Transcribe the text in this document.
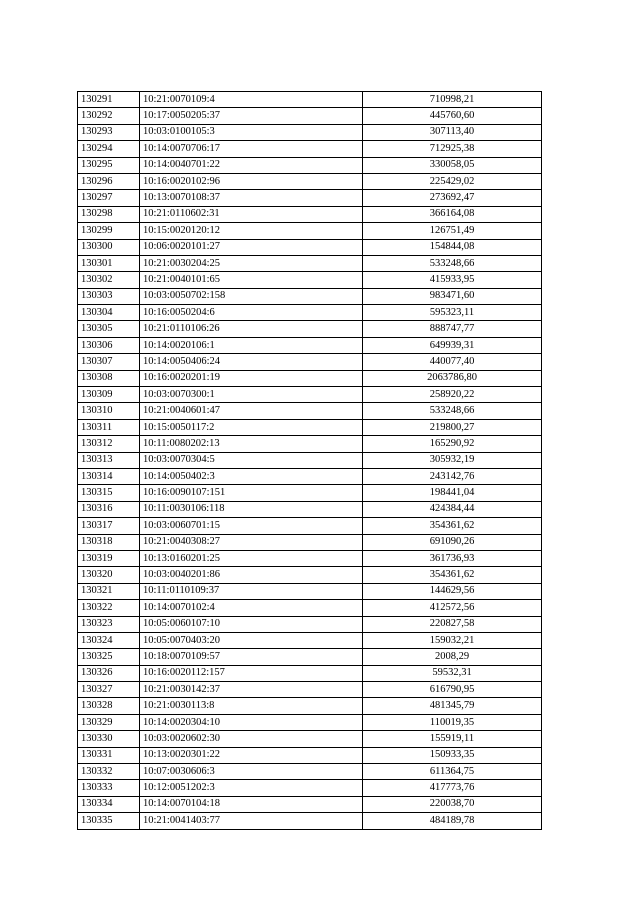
130291	10:21:0070109:4	710998,21
130292	10:17:0050205:37	445760,60
130293	10:03:0100105:3	307113,40
130294	10:14:0070706:17	712925,38
130295	10:14:0040701:22	330058,05
130296	10:16:0020102:96	225429,02
130297	10:13:0070108:37	273692,47
130298	10:21:0110602:31	366164,08
130299	10:15:0020120:12	126751,49
130300	10:06:0020101:27	154844,08
130301	10:21:0030204:25	533248,66
130302	10:21:0040101:65	415933,95
130303	10:03:0050702:158	983471,60
130304	10:16:0050204:6	595323,11
130305	10:21:0110106:26	888747,77
130306	10:14:0020106:1	649939,31
130307	10:14:0050406:24	440077,40
130308	10:16:0020201:19	2063786,80
130309	10:03:0070300:1	258920,22
130310	10:21:0040601:47	533248,66
130311	10:15:0050117:2	219800,27
130312	10:11:0080202:13	165290,92
130313	10:03:0070304:5	305932,19
130314	10:14:0050402:3	243142,76
130315	10:16:0090107:151	198441,04
130316	10:11:0030106:118	424384,44
130317	10:03:0060701:15	354361,62
130318	10:21:0040308:27	691090,26
130319	10:13:0160201:25	361736,93
130320	10:03:0040201:86	354361,62
130321	10:11:0110109:37	144629,56
130322	10:14:0070102:4	412572,56
130323	10:05:0060107:10	220827,58
130324	10:05:0070403:20	159032,21
130325	10:18:0070109:57	2008,29
130326	10:16:0020112:157	59532,31
130327	10:21:0030142:37	616790,95
130328	10:21:0030113:8	481345,79
130329	10:14:0020304:10	110019,35
130330	10:03:0020602:30	155919,11
130331	10:13:0020301:22	150933,35
130332	10:07:0030606:3	611364,75
130333	10:12:0051202:3	417773,76
130334	10:14:0070104:18	220038,70
130335	10:21:0041403:77	484189,78
